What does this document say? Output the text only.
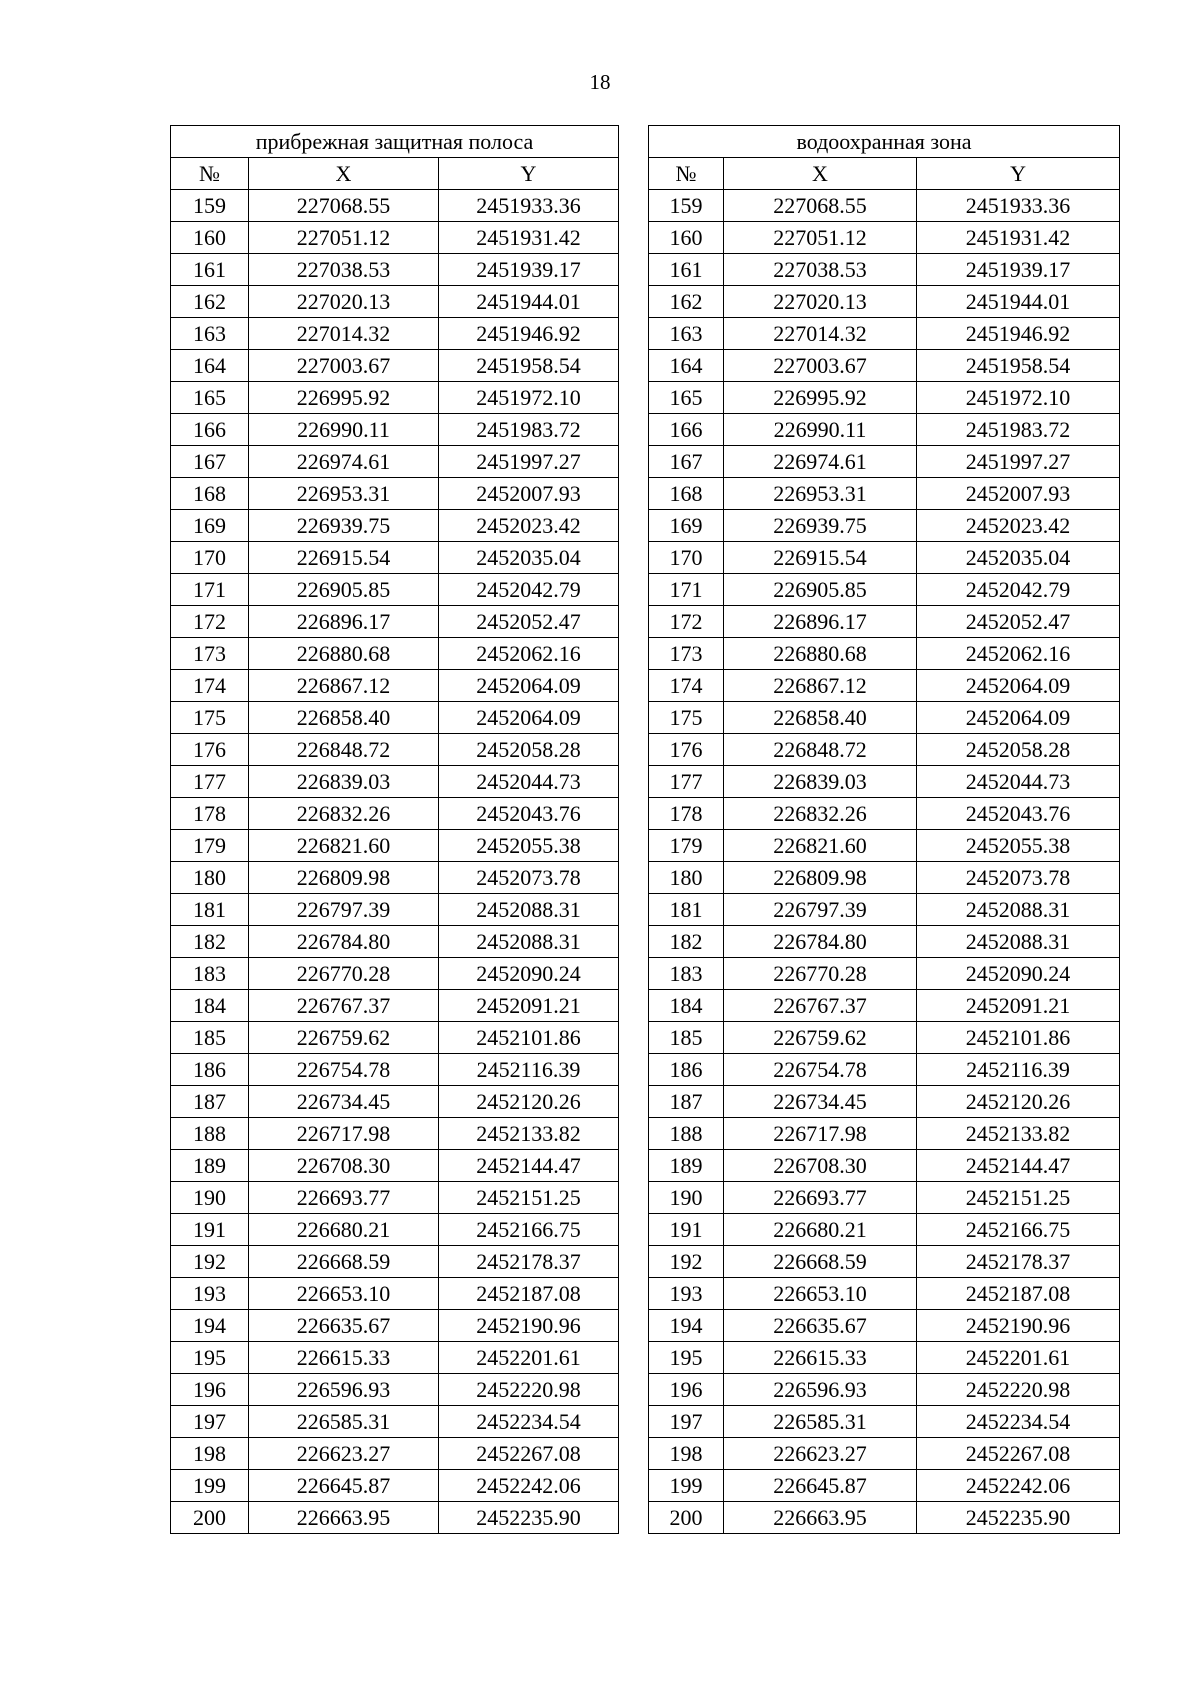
18
прибрежная защитная полоса		
№	X	Y
159	227068.55	2451933.36
160	227051.12	2451931.42
161	227038.53	2451939.17
162	227020.13	2451944.01
163	227014.32	2451946.92
164	227003.67	2451958.54
165	226995.92	2451972.10
166	226990.11	2451983.72
167	226974.61	2451997.27
168	226953.31	2452007.93
169	226939.75	2452023.42
170	226915.54	2452035.04
171	226905.85	2452042.79
172	226896.17	2452052.47
173	226880.68	2452062.16
174	226867.12	2452064.09
175	226858.40	2452064.09
176	226848.72	2452058.28
177	226839.03	2452044.73
178	226832.26	2452043.76
179	226821.60	2452055.38
180	226809.98	2452073.78
181	226797.39	2452088.31
182	226784.80	2452088.31
183	226770.28	2452090.24
184	226767.37	2452091.21
185	226759.62	2452101.86
186	226754.78	2452116.39
187	226734.45	2452120.26
188	226717.98	2452133.82
189	226708.30	2452144.47
190	226693.77	2452151.25
191	226680.21	2452166.75
192	226668.59	2452178.37
193	226653.10	2452187.08
194	226635.67	2452190.96
195	226615.33	2452201.61
196	226596.93	2452220.98
197	226585.31	2452234.54
198	226623.27	2452267.08
199	226645.87	2452242.06
200	226663.95	2452235.90
водоохранная зона		
№	X	Y
159	227068.55	2451933.36
160	227051.12	2451931.42
161	227038.53	2451939.17
162	227020.13	2451944.01
163	227014.32	2451946.92
164	227003.67	2451958.54
165	226995.92	2451972.10
166	226990.11	2451983.72
167	226974.61	2451997.27
168	226953.31	2452007.93
169	226939.75	2452023.42
170	226915.54	2452035.04
171	226905.85	2452042.79
172	226896.17	2452052.47
173	226880.68	2452062.16
174	226867.12	2452064.09
175	226858.40	2452064.09
176	226848.72	2452058.28
177	226839.03	2452044.73
178	226832.26	2452043.76
179	226821.60	2452055.38
180	226809.98	2452073.78
181	226797.39	2452088.31
182	226784.80	2452088.31
183	226770.28	2452090.24
184	226767.37	2452091.21
185	226759.62	2452101.86
186	226754.78	2452116.39
187	226734.45	2452120.26
188	226717.98	2452133.82
189	226708.30	2452144.47
190	226693.77	2452151.25
191	226680.21	2452166.75
192	226668.59	2452178.37
193	226653.10	2452187.08
194	226635.67	2452190.96
195	226615.33	2452201.61
196	226596.93	2452220.98
197	226585.31	2452234.54
198	226623.27	2452267.08
199	226645.87	2452242.06
200	226663.95	2452235.90
